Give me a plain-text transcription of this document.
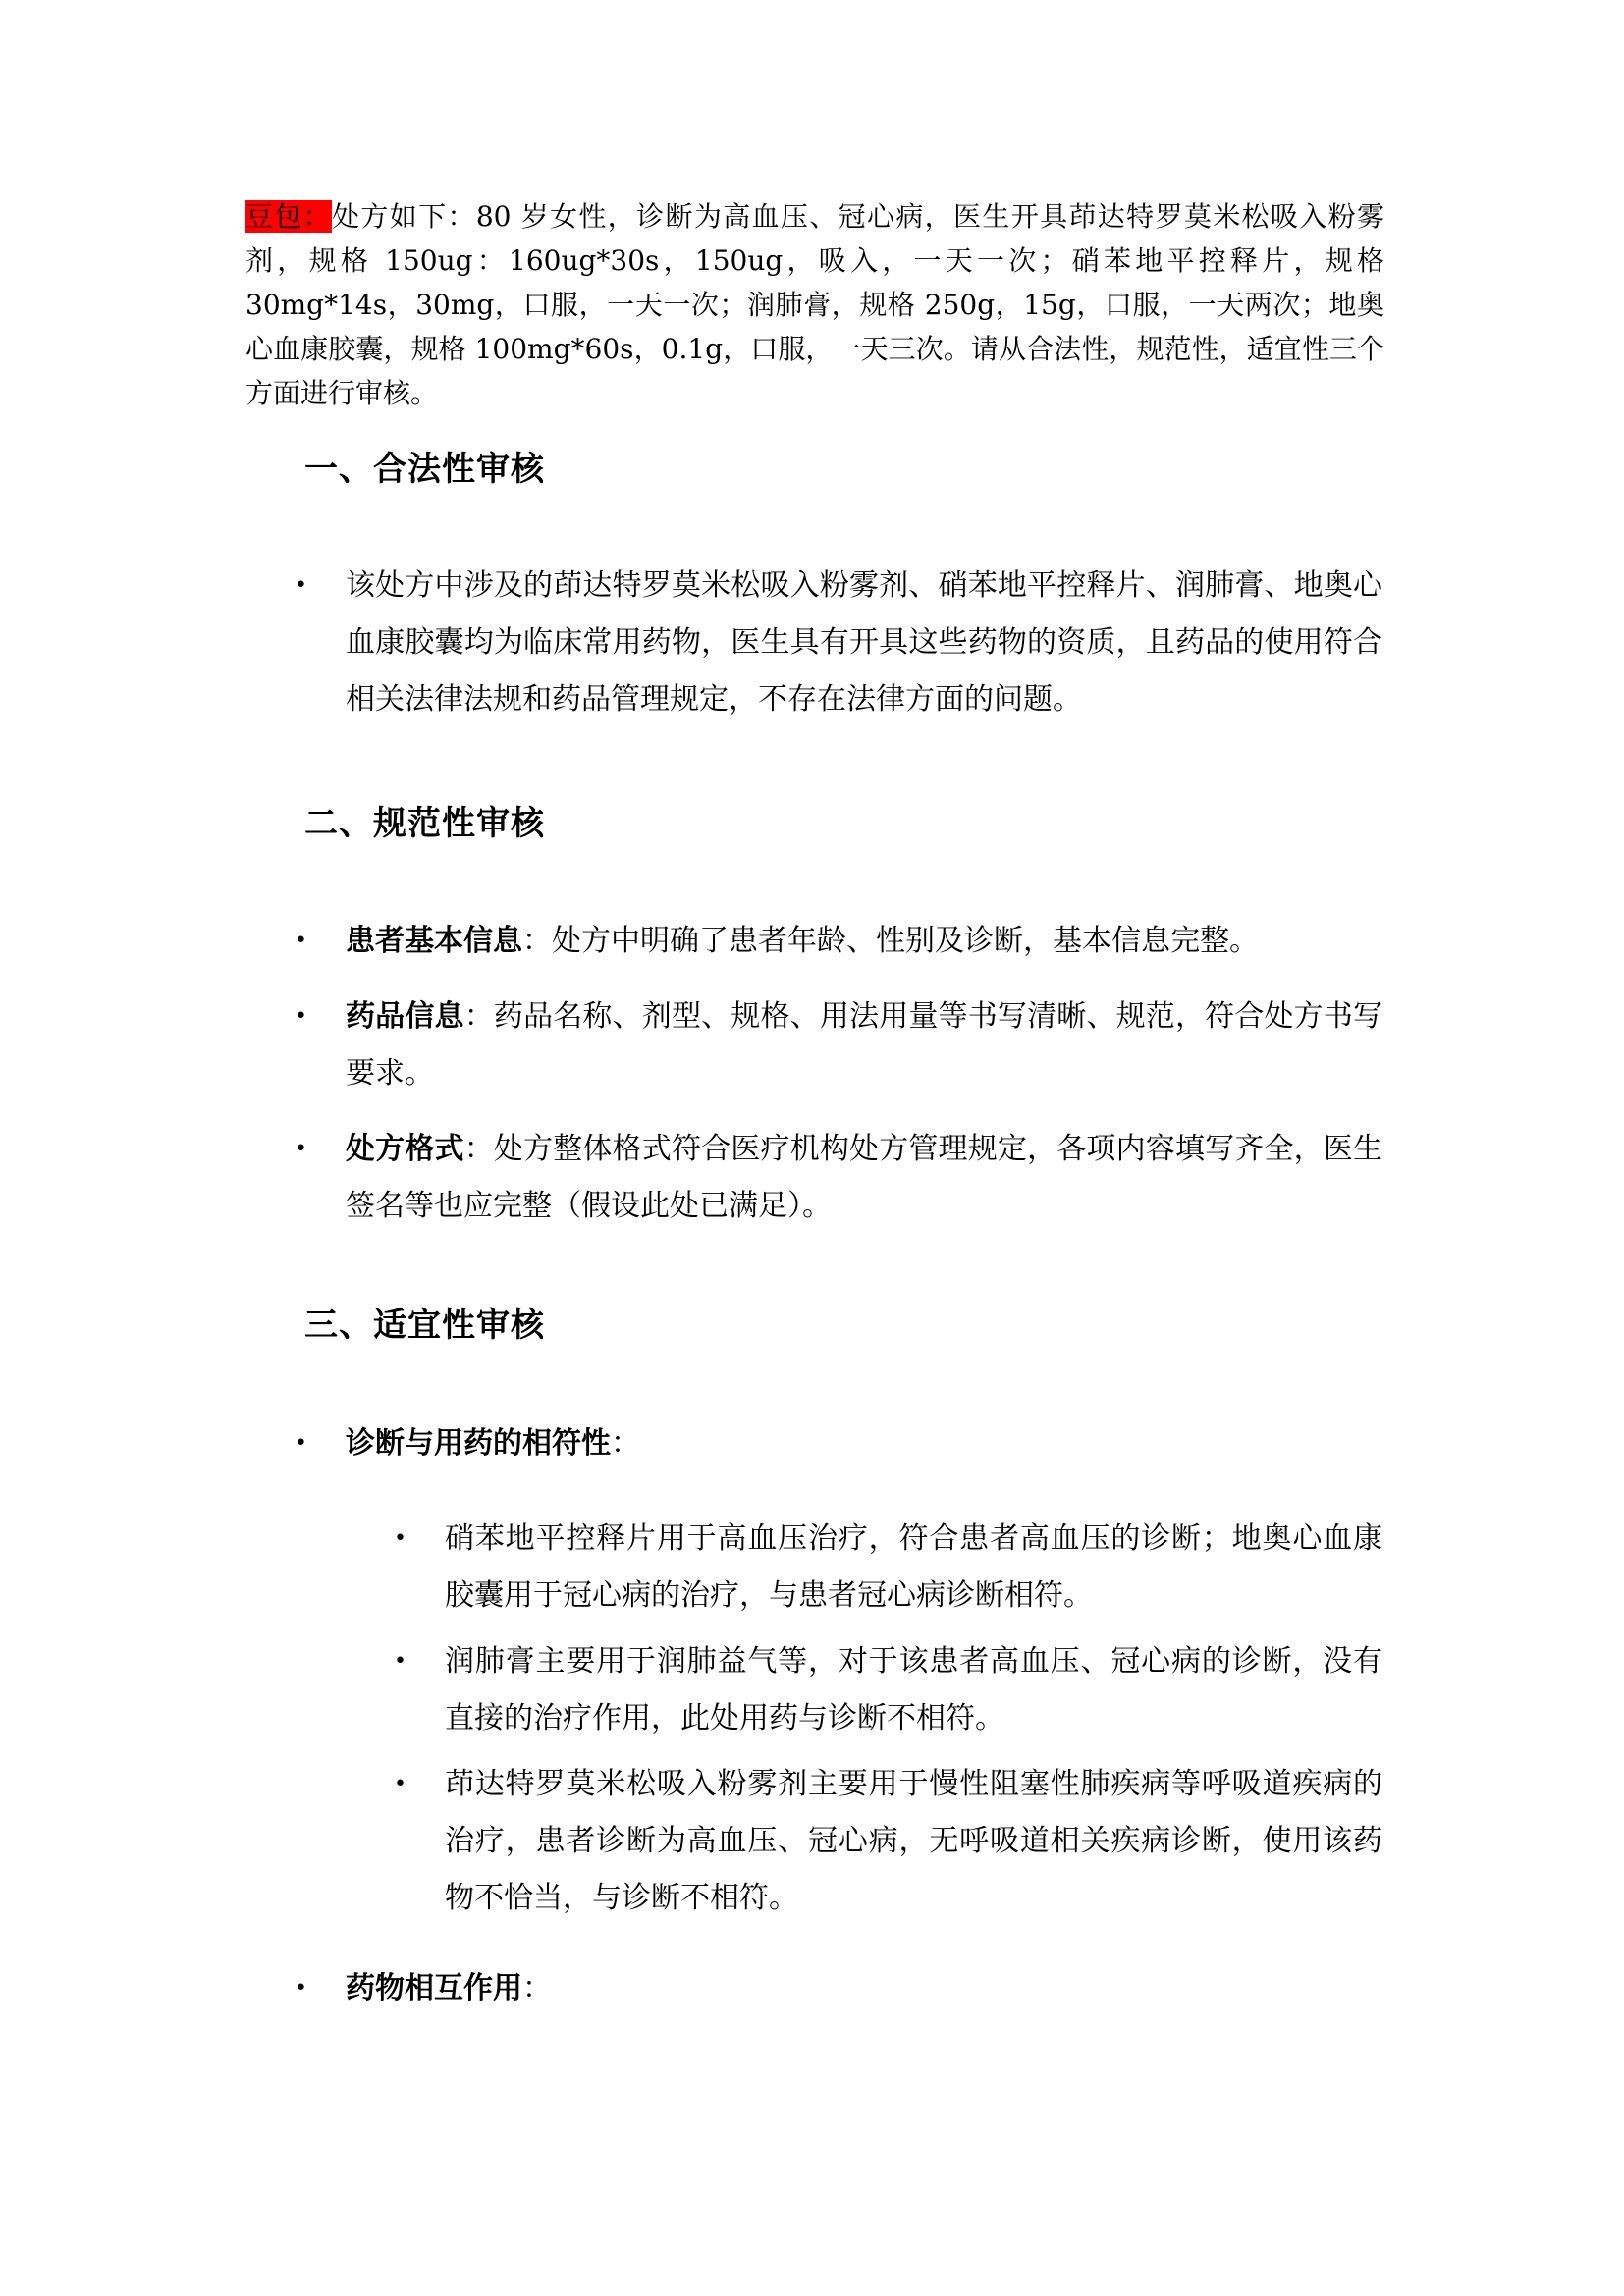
豆包：处方如下：80 岁女性，诊断为高血压、冠心病，医生开具茚达特罗莫米松吸入粉雾剂，规格 150ug：160ug*30s，150ug，吸入，一天一次；硝苯地平控释片，规格 30mg*14s，30mg，口服，一天一次；润肺膏，规格 250g，15g，口服，一天两次；地奥心血康胶囊，规格 100mg*60s，0.1g，口服，一天三次。请从合法性，规范性，适宜性三个方面进行审核。

一、合法性审核
• 该处方中涉及的茚达特罗莫米松吸入粉雾剂、硝苯地平控释片、润肺膏、地奥心血康胶囊均为临床常用药物，医生具有开具这些药物的资质，且药品的使用符合相关法律法规和药品管理规定，不存在法律方面的问题。
二、规范性审核
• 患者基本信息：处方中明确了患者年龄、性别及诊断，基本信息完整。
• 药品信息：药品名称、剂型、规格、用法用量等书写清晰、规范，符合处方书写要求。
• 处方格式：处方整体格式符合医疗机构处方管理规定，各项内容填写齐全，医生签名等也应完整（假设此处已满足）。
三、适宜性审核
• 诊断与用药的相符性：
• 硝苯地平控释片用于高血压治疗，符合患者高血压的诊断；地奥心血康胶囊用于冠心病的治疗，与患者冠心病诊断相符。
• 润肺膏主要用于润肺益气等，对于该患者高血压、冠心病的诊断，没有直接的治疗作用，此处用药与诊断不相符。
• 茚达特罗莫米松吸入粉雾剂主要用于慢性阻塞性肺疾病等呼吸道疾病的治疗，患者诊断为高血压、冠心病，无呼吸道相关疾病诊断，使用该药物不恰当，与诊断不相符。
• 药物相互作用：
